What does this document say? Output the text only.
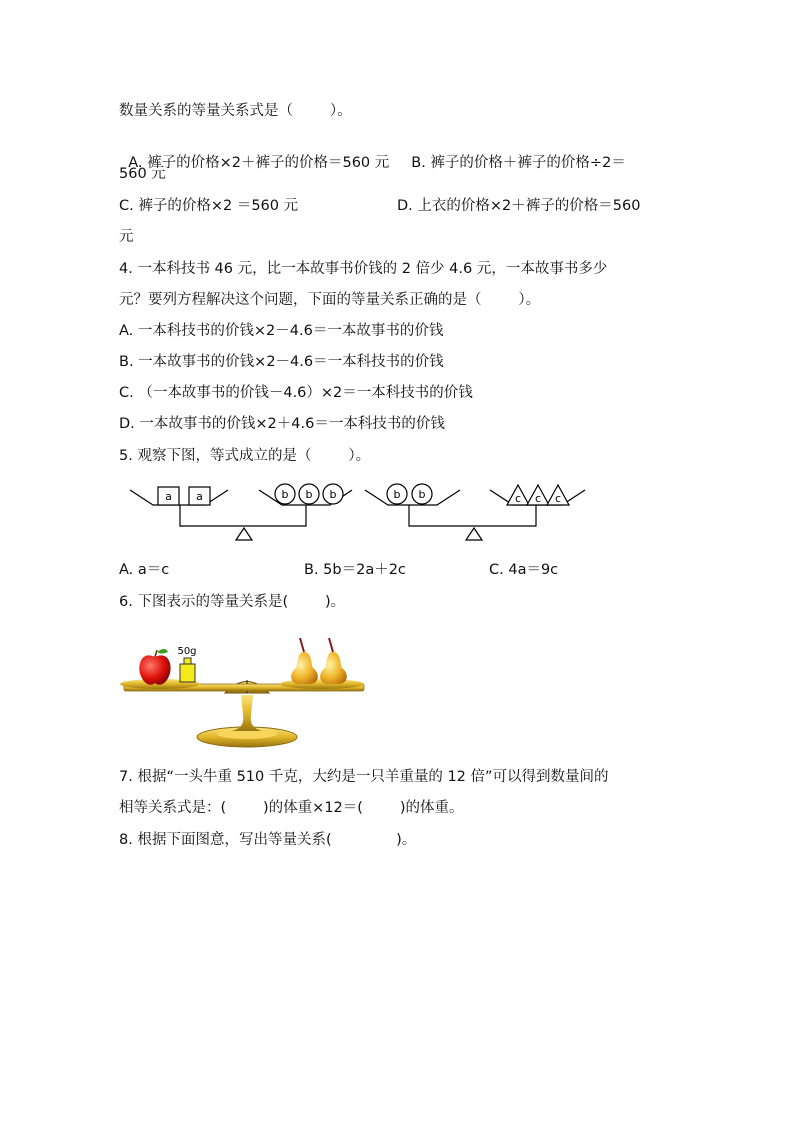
数量关系的等量关系式是（        ）。

A. 裤子的价格×2＋裤子的价格＝560 元 B. 裤子的价格＋裤子的价格÷2＝

560 元
C. 裤子的价格×2 ＝560 元	D. 上衣的价格×2＋裤子的价格＝560
元
4. 一本科技书 46 元，比一本故事书价钱的 2 倍少 4.6 元，一本故事书多少
元？要列方程解决这个问题，下面的等量关系正确的是（        ）。
A. 一本科技书的价钱×2－4.6＝一本故事书的价钱
B. 一本故事书的价钱×2－4.6＝一本科技书的价钱
C. （一本故事书的价钱－4.6）×2＝一本科技书的价钱
D. 一本故事书的价钱×2＋4.6＝一本科技书的价钱
5. 观察下图，等式成立的是（        ）。
a a	b b b	b b	c c c
50g
A. a＝c	B. 5b＝2a＋2c	C. 4a＝9c
6. 下图表示的等量关系是(        )。
7. 根据“一头牛重 510 千克，大约是一只羊重量的 12 倍”可以得到数量间的
相等关系式是：(        )的体重×12＝(        )的体重。
8. 根据下面图意，写出等量关系(              )。
